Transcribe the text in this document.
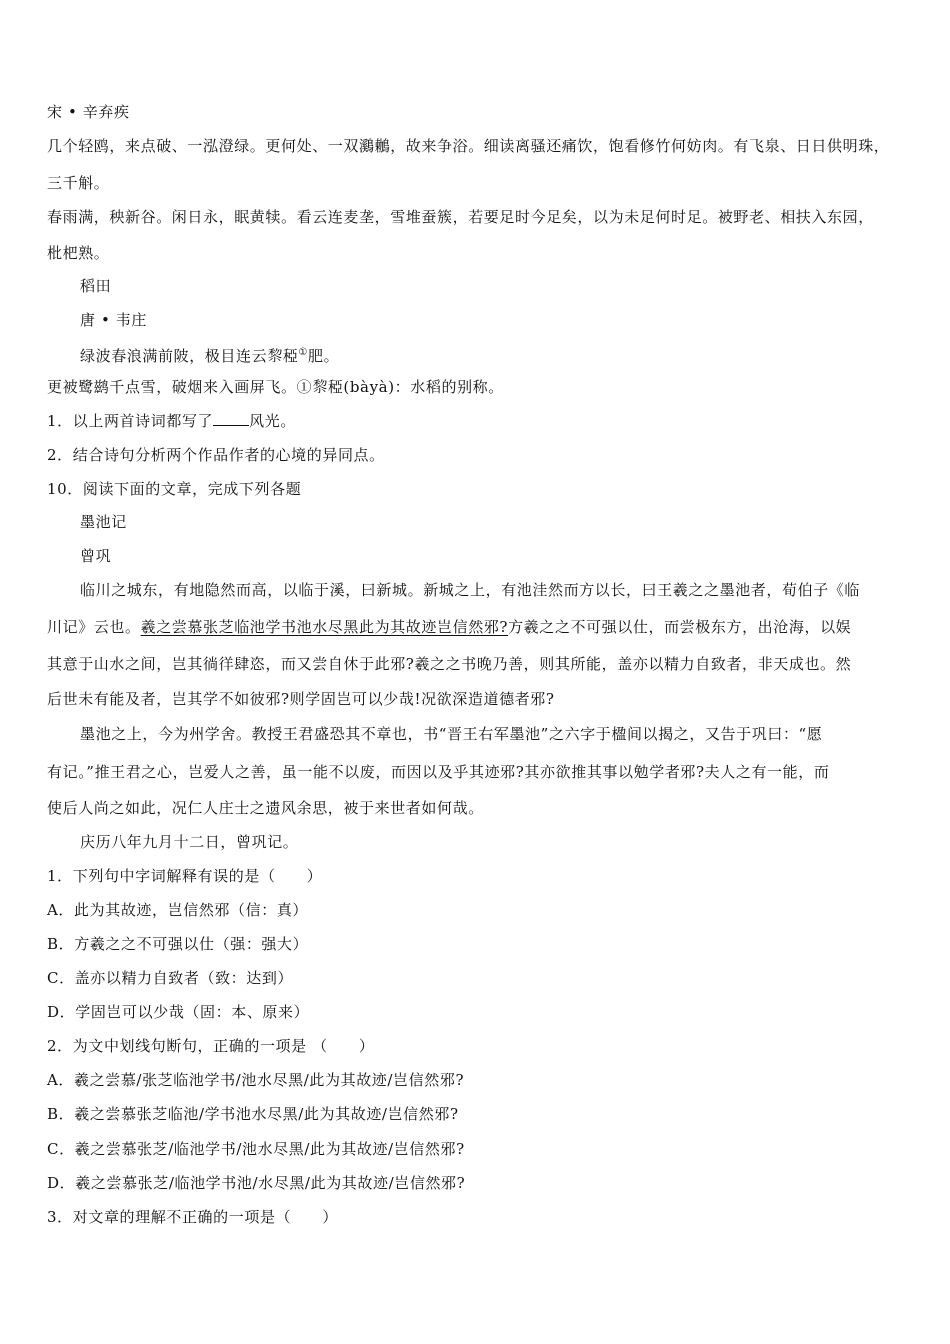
宋 • 辛弃疾
几个轻鸥，来点破、一泓澄绿。更何处、一双鸂鶒，故来争浴。细读离骚还痛饮，饱看修竹何妨肉。有飞泉、日日供明珠，
三千斛。
春雨满，秧新谷。闲日永，眠黄犊。看云连麦垄，雪堆蚕簇，若要足时今足矣，以为未足何时足。被野老、相扶入东园，
枇杷熟。
稻田
唐 • 韦庄
绿波春浪满前陂，极目连云𥟖稏①肥。
更被鹭鹚千点雪，破烟来入画屏飞。①𥟖稏(bàyà)：水稻的别称。
1．以上两首诗词都写了 风光。
2．结合诗句分析两个作品作者的心境的异同点。
10．阅读下面的文章，完成下列各题
墨池记
曾巩
临川之城东，有地隐然而高，以临于溪，曰新城。新城之上，有池洼然而方以长，曰王羲之之墨池者，荀伯子《临
川记》云也。羲之尝慕张芝临池学书池水尽黑此为其故迹岂信然邪?方羲之之不可强以仕，而尝极东方，出沧海，以娱
其意于山水之间，岂其徜徉肆恣，而又尝自休于此邪?羲之之书晚乃善，则其所能，盖亦以精力自致者，非天成也。然
后世未有能及者，岂其学不如彼邪?则学固岂可以少哉!况欲深造道德者邪?
墨池之上，今为州学舍。教授王君盛恐其不章也，书“晋王右军墨池”之六字于楹间以揭之，又告于巩曰：“愿
有记。”推王君之心，岂爱人之善，虽一能不以废，而因以及乎其迹邪?其亦欲推其事以勉学者邪?夫人之有一能，而
使后人尚之如此，况仁人庄士之遗风余思，被于来世者如何哉。
庆历八年九月十二日，曾巩记。
1．下列句中字词解释有误的是（　　）
A．此为其故迹，岂信然邪（信：真）
B．方羲之之不可强以仕（强：强大）
C．盖亦以精力自致者（致：达到）
D．学固岂可以少哉（固：本、原来）
2．为文中划线句断句，正确的一项是 （　　）
A．羲之尝慕/张芝临池学书/池水尽黑/此为其故迹/岂信然邪?
B．羲之尝慕张芝临池/学书池水尽黑/此为其故迹/岂信然邪?
C．羲之尝慕张芝/临池学书/池水尽黑/此为其故迹/岂信然邪?
D．羲之尝慕张芝/临池学书池/水尽黑/此为其故迹/岂信然邪?
3．对文章的理解不正确的一项是（　　）
